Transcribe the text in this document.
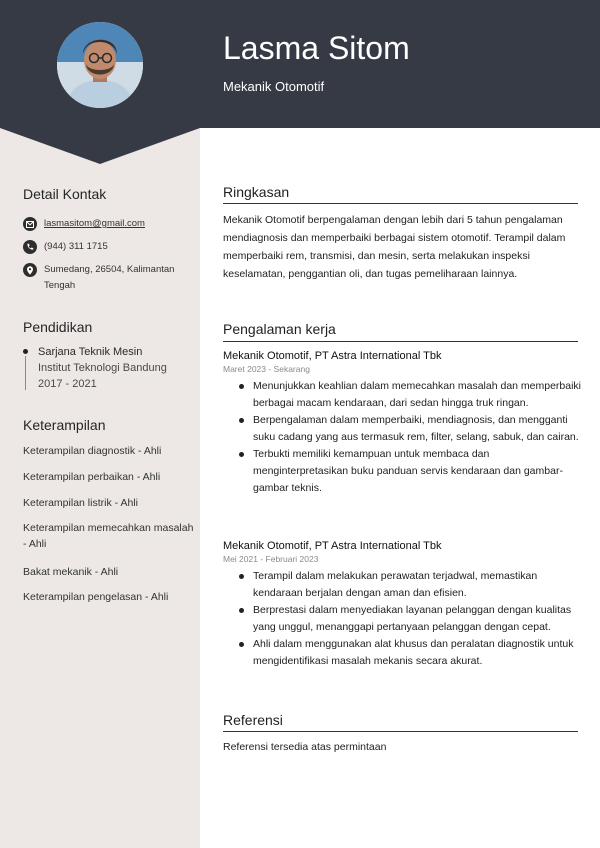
Lasma Sitom
Mekanik Otomotif
Detail Kontak
lasmasitom@gmail.com
(944) 311 1715
Sumedang, 26504, Kalimantan
Tengah
Pendidikan
Sarjana Teknik Mesin
Institut Teknologi Bandung
2017 - 2021
Keterampilan
Keterampilan diagnostik - Ahli
Keterampilan perbaikan - Ahli
Keterampilan listrik - Ahli
Keterampilan memecahkan masalah - Ahli
Bakat mekanik - Ahli
Keterampilan pengelasan - Ahli
Ringkasan
Mekanik Otomotif berpengalaman dengan lebih dari 5 tahun pengalaman mendiagnosis dan memperbaiki berbagai sistem otomotif. Terampil dalam memperbaiki rem, transmisi, dan mesin, serta melakukan inspeksi keselamatan, penggantian oli, dan tugas pemeliharaan lainnya.
Pengalaman kerja
Mekanik Otomotif, PT Astra International Tbk
Maret 2023 - Sekarang
Menunjukkan keahlian dalam memecahkan masalah dan memperbaiki berbagai macam kendaraan, dari sedan hingga truk ringan.
Berpengalaman dalam memperbaiki, mendiagnosis, dan mengganti suku cadang yang aus termasuk rem, filter, selang, sabuk, dan cairan.
Terbukti memiliki kemampuan untuk membaca dan menginterpretasikan buku panduan servis kendaraan dan gambar-gambar teknis.
Mekanik Otomotif, PT Astra International Tbk
Mei 2021 - Februari 2023
Terampil dalam melakukan perawatan terjadwal, memastikan kendaraan berjalan dengan aman dan efisien.
Berprestasi dalam menyediakan layanan pelanggan dengan kualitas yang unggul, menanggapi pertanyaan pelanggan dengan cepat.
Ahli dalam menggunakan alat khusus dan peralatan diagnostik untuk mengidentifikasi masalah mekanis secara akurat.
Referensi
Referensi tersedia atas permintaan
